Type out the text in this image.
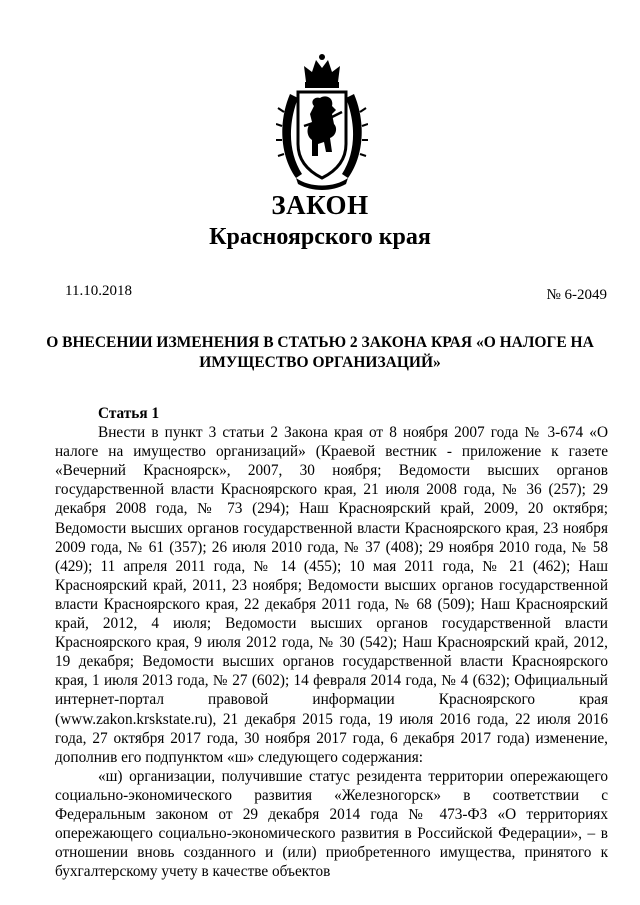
ЗАКОН
Красноярского края
11.10.2018	№ 6-2049
О ВНЕСЕНИИ ИЗМЕНЕНИЯ В СТАТЬЮ 2 ЗАКОНА КРАЯ «О НАЛОГЕ НА ИМУЩЕСТВО ОРГАНИЗАЦИЙ»

Статья 1

Внести в пункт 3 статьи 2 Закона края от 8 ноября 2007 года № 3-674 «О налоге на имущество организаций» (Краевой вестник - приложение к газете «Вечерний Красноярск», 2007, 30 ноября; Ведомости высших органов государственной власти Красноярского края, 21 июля 2008 года, № 36 (257); 29 декабря 2008 года, № 73 (294); Наш Красноярский край, 2009, 20 октября; Ведомости высших органов государственной власти Красноярского края, 23 ноября 2009 года, № 61 (357); 26 июля 2010 года, № 37 (408); 29 ноября 2010 года, № 58 (429); 11 апреля 2011 года, № 14 (455); 10 мая 2011 года, № 21 (462); Наш Красноярский край, 2011, 23 ноября; Ведомости высших органов государственной власти Красноярского края, 22 декабря 2011 года, № 68 (509); Наш Красноярский край, 2012, 4 июля; Ведомости высших органов государственной власти Красноярского края, 9 июля 2012 года, № 30 (542); Наш Красноярский край, 2012, 19 декабря; Ведомости высших органов государственной власти Красноярского края, 1 июля 2013 года, № 27 (602); 14 февраля 2014 года, № 4 (632); Официальный интернет-портал правовой информации Красноярского края (www.zakon.krskstate.ru), 21 декабря 2015 года, 19 июля 2016 года, 22 июля 2016 года, 27 октября 2017 года, 30 ноября 2017 года, 6 декабря 2017 года) изменение, дополнив его подпунктом «ш» следующего содержания:

«ш) организации, получившие статус резидента территории опережающего социально-экономического развития «Железногорск» в соответствии с Федеральным законом от 29 декабря 2014 года № 473-ФЗ «О территориях опережающего социально-экономического развития в Российской Федерации», – в отношении вновь созданного и (или) приобретенного имущества, принятого к бухгалтерскому учету в качестве объектов
